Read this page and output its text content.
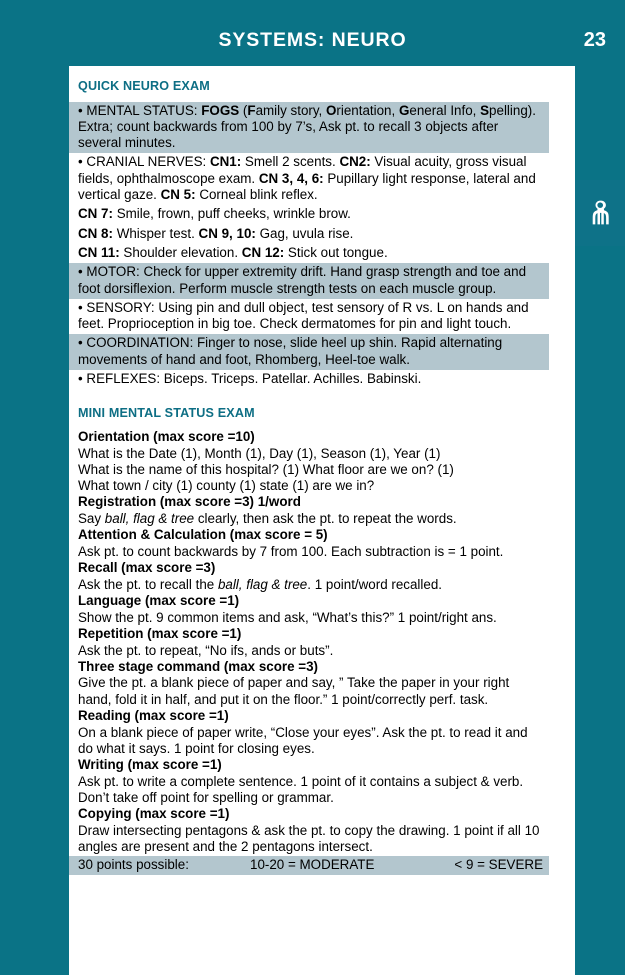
SYSTEMS: NEURO	23
QUICK NEURO EXAM
• MENTAL STATUS: FOGS (Family story, Orientation, General Info, Spelling). Extra; count backwards from 100 by 7’s, Ask pt. to recall 3 objects after several minutes.
• CRANIAL NERVES: CN1: Smell 2 scents. CN2: Visual acuity, gross visual fields, ophthalmoscope exam. CN 3, 4, 6: Pupillary light response, lateral and vertical gaze. CN 5: Corneal blink reflex.
CN 7: Smile, frown, puff cheeks, wrinkle brow.
CN 8: Whisper test. CN 9, 10: Gag, uvula rise.
CN 11: Shoulder elevation. CN 12: Stick out tongue.
• MOTOR: Check for upper extremity drift. Hand grasp strength and toe and foot dorsiflexion. Perform muscle strength tests on each muscle group.
• SENSORY: Using pin and dull object, test sensory of R vs. L on hands and feet. Proprioception in big toe. Check dermatomes for pin and light touch.
• COORDINATION: Finger to nose, slide heel up shin. Rapid alternating movements of hand and foot, Rhomberg, Heel-toe walk.
• REFLEXES: Biceps. Triceps. Patellar. Achilles. Babinski.
MINI MENTAL STATUS EXAM
Orientation (max score =10)
What is the Date (1), Month (1), Day (1), Season (1), Year (1)
What is the name of this hospital? (1) What floor are we on? (1)
What town / city (1) county (1) state (1) are we in?
Registration (max score =3) 1/word
Say ball, flag & tree clearly, then ask the pt. to repeat the words.
Attention & Calculation (max score = 5)
Ask pt. to count backwards by 7 from 100. Each subtraction is = 1 point.
Recall (max score =3)
Ask the pt. to recall the ball, flag & tree. 1 point/word recalled.
Language (max score =1)
Show the pt. 9 common items and ask, “What’s this?” 1 point/right ans.
Repetition (max score =1)
Ask the pt. to repeat, “No ifs, ands or buts”.
Three stage command (max score =3)
Give the pt. a blank piece of paper and say, ” Take the paper in your right hand, fold it in half, and put it on the floor.” 1 point/correctly perf. task.
Reading (max score =1)
On a blank piece of paper write, “Close your eyes”. Ask the pt. to read it and do what it says. 1 point for closing eyes.
Writing (max score =1)
Ask pt. to write a complete sentence. 1 point of it contains a subject & verb. Don’t take off point for spelling or grammar.
Copying (max score =1)
Draw intersecting pentagons & ask the pt. to copy the drawing. 1 point if all 10 angles are present and the 2 pentagons intersect.
30 points possible:	10-20 = MODERATE	< 9 = SEVERE
